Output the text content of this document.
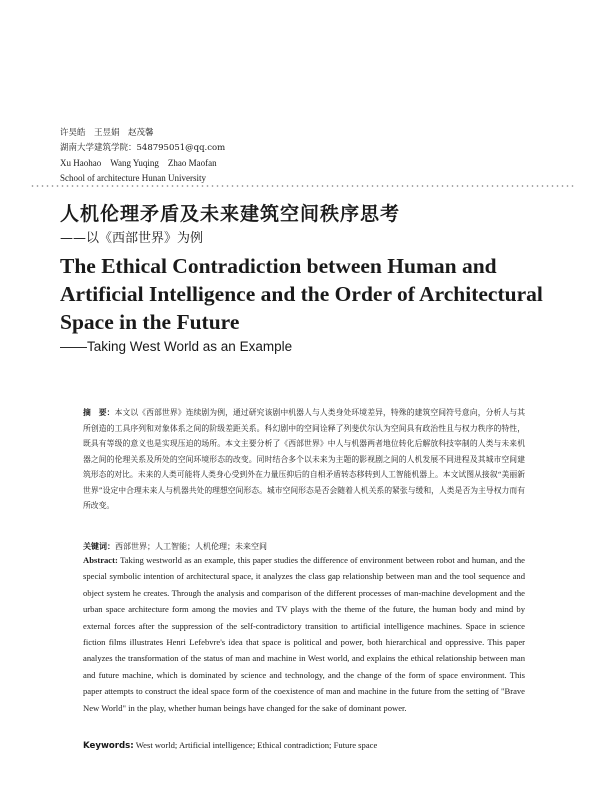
许昊皓　王昱娟　赵茂馨
湖南大学建筑学院：548795051@qq.com
Xu Haohao　Wang Yuqing　Zhao Maofan
School of architecture Hunan University
人机伦理矛盾及未来建筑空间秩序思考
——以《西部世界》为例
The Ethical Contradiction between Human and Artificial Intelligence and the Order of Architectural Space in the Future
——Taking West World as an Example
摘　要：本文以《西部世界》连续剧为例，通过研究该剧中机器人与人类身处环境差异，特殊的建筑空间符号意向，分析人与其所创造的工具序列和对象体系之间的阶级差距关系。科幻剧中的空间诠释了列斐伏尔认为空间具有政治性且与权力秩序的特性，既具有等级的意义也是实现压迫的场所。本文主要分析了《西部世界》中人与机器两者地位转化后解放科技宰制的人类与未来机器之间的伦理关系及所处的空间环境形态的改变。同时结合多个以未来为主题的影视剧之间的人机发展不同进程及其城市空间建筑形态的对比。未来的人类可能将人类身心受到外在力量压抑后的自相矛盾转态移转到人工智能机器上。本文试图从接叙“美丽新世界”设定中合理未来人与机器共处的理想空间形态。城市空间形态是否会随着人机关系的紧张与缓和，人类是否为主导权力而有所改变。
关键词：西部世界；人工智能；人机伦理；未来空间
Abstract: Taking westworld as an example, this paper studies the difference of environment between robot and human, and the special symbolic intention of architectural space, it analyzes the class gap relationship between man and the tool sequence and object system he creates. Through the analysis and comparison of the different processes of man-machine development and the urban space architecture form among the movies and TV plays with the theme of the future, the human body and mind by external forces after the suppression of the self-contradictory transition to artificial intelligence machines. Space in science fiction films illustrates Henri Lefebvre's idea that space is political and power, both hierarchical and oppressive. This paper analyzes the transformation of the status of man and machine in West world, and explains the ethical relationship between man and future machine, which is dominated by science and technology, and the change of the form of space environment. This paper attempts to construct the ideal space form of the coexistence of man and machine in the future from the setting of "Brave New World" in the play, whether human beings have changed for the sake of dominant power.
Keywords: West world; Artificial intelligence; Ethical contradiction; Future space
